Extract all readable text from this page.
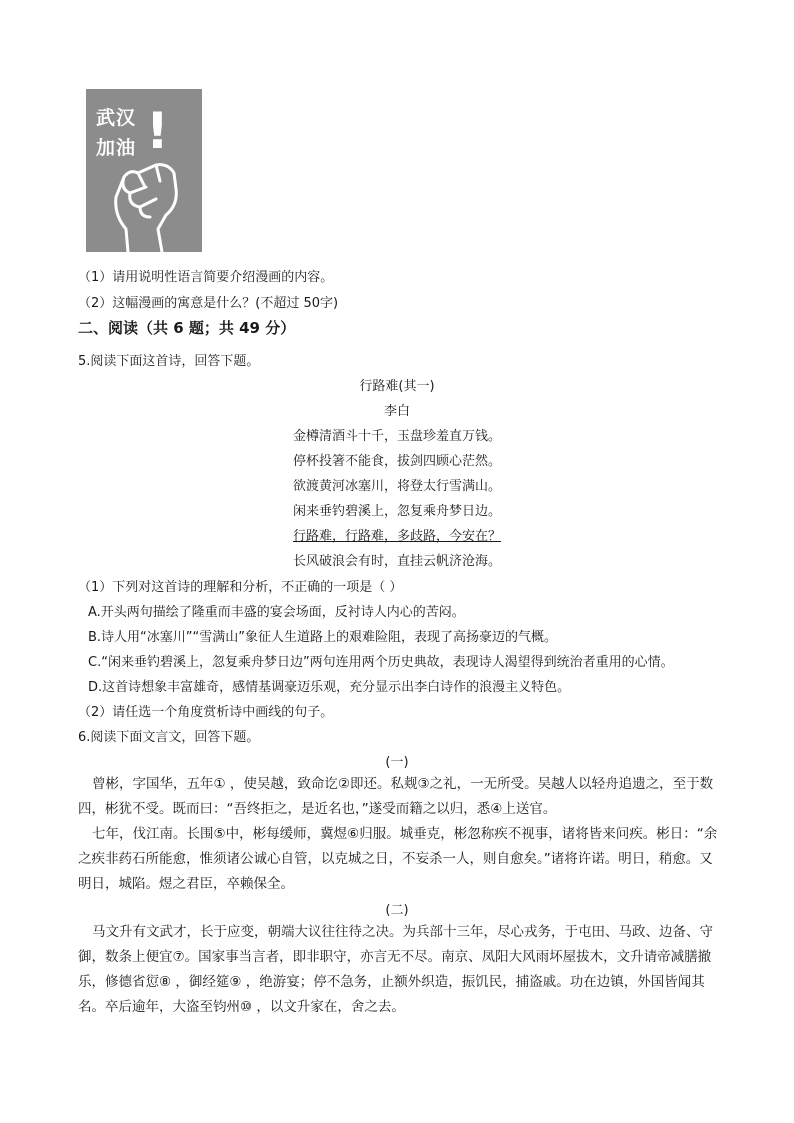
武汉
加油 !
（1）请用说明性语言简要介绍漫画的内容。
（2）这幅漫画的寓意是什么？(不超过 50字)
二、阅读（共 6 题；共 49 分）
5.阅读下面这首诗，回答下题。
行路难(其一)
李白
金樽清酒斗十千，玉盘珍羞直万钱。
停杯投箸不能食，拔剑四顾心茫然。
欲渡黄河冰塞川，将登太行雪满山。
闲来垂钓碧溪上，忽复乘舟梦日边。
行路难，行路难，多歧路，今安在？
长风破浪会有时，直挂云帆济沧海。
（1）下列对这首诗的理解和分析，不正确的一项是（ ）
A.开头两句描绘了隆重而丰盛的宴会场面，反衬诗人内心的苦闷。
B.诗人用“冰塞川”“雪满山”象征人生道路上的艰难险阻，表现了高扬豪迈的气概。
C.“闲来垂钓碧溪上，忽复乘舟梦日边”两句连用两个历史典故，表现诗人渴望得到统治者重用的心情。
D.这首诗想象丰富雄奇，感情基调豪迈乐观，充分显示出李白诗作的浪漫主义特色。
（2）请任选一个角度赏析诗中画线的句子。
6.阅读下面文言文，回答下题。
(一)
曾彬，字国华，五年① ，使吴越，致命讫②即还。私觌③之礼，一无所受。吴越人以轻舟追遗之，至于数四，彬犹不受。既而曰：“吾终拒之，是近名也，”遂受而籍之以归，悉④上送官。
七年，伐江南。长围⑤中，彬每缓师，冀煜⑥归服。城垂克，彬忽称疾不视事，诸将皆来问疾。彬日：“余之疾非药石所能愈，惟须诸公诚心自管，以克城之日，不妄杀一人，则自愈矣。”诸将许诺。明日，稍愈。又明日，城陷。煜之君臣，卒赖保全。
(二)
马文升有文武才，长于应变，朝端大议往往待之决。为兵部十三年，尽心戎务，于屯田、马政、边备、守御，数条上便宜⑦。国家事当言者，即非职守，亦言无不尽。南京、凤阳大风雨坏屋拔木，文升请帝减膳撤乐，修德省愆⑧ ，御经筵⑨ ，绝游宴；停不急务，止额外织造，振饥民，捕盗戚。功在边镇，外国皆闻其名。卒后逾年，大盗至钧州⑩ ，以文升家在，舍之去。
